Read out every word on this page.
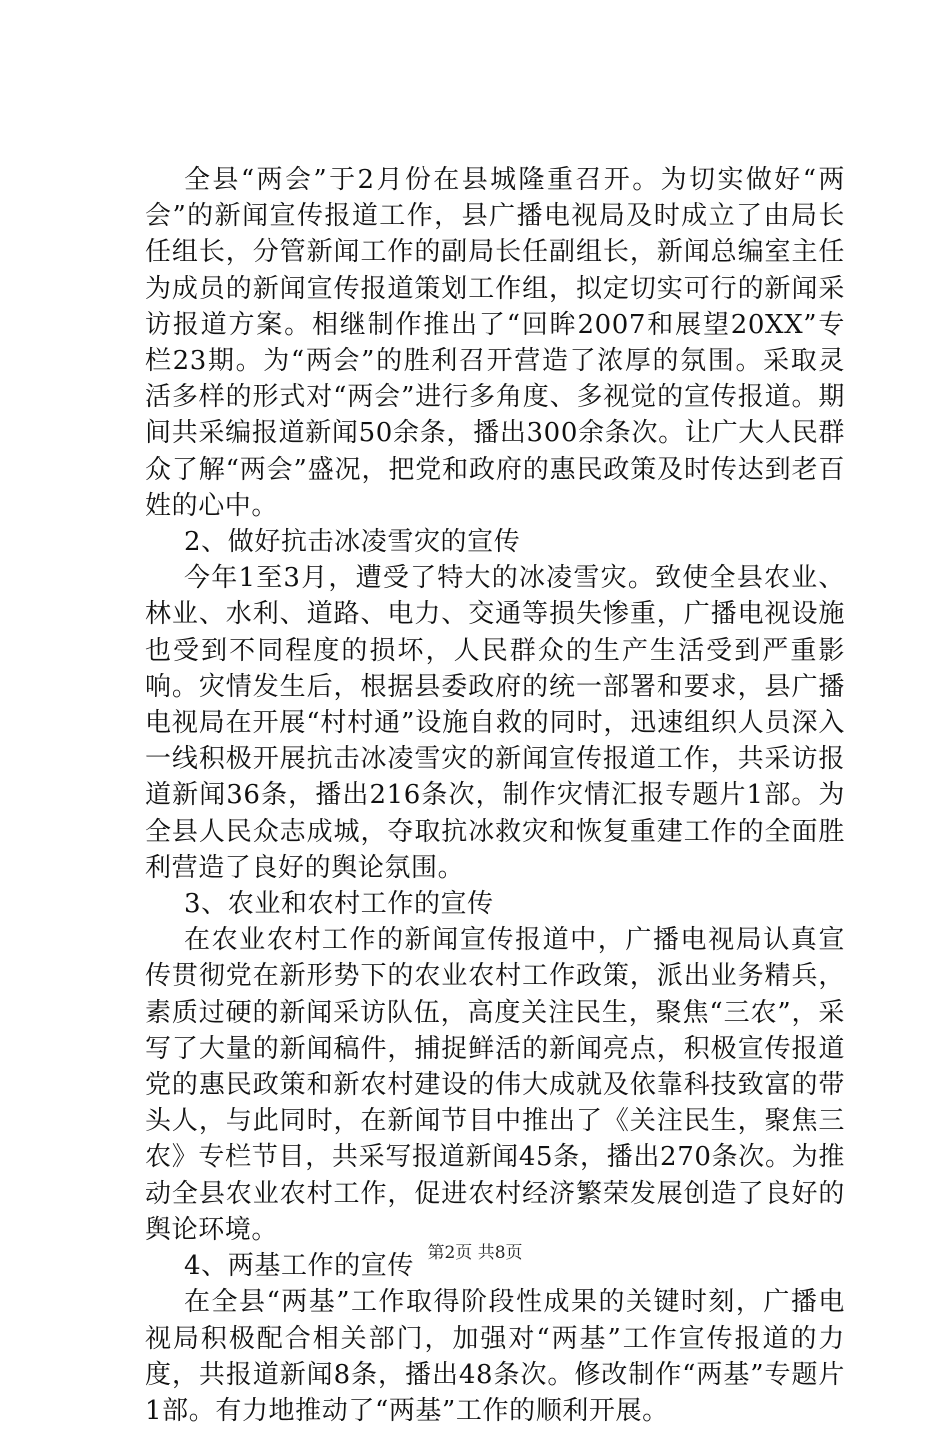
全县“两会”于2月份在县城隆重召开。为切实做好“两会”的新闻宣传报道工作，县广播电视局及时成立了由局长任组长，分管新闻工作的副局长任副组长，新闻总编室主任为成员的新闻宣传报道策划工作组，拟定切实可行的新闻采访报道方案。相继制作推出了“回眸2007和展望20XX”专栏23期。为“两会”的胜利召开营造了浓厚的氛围。采取灵活多样的形式对“两会”进行多角度、多视觉的宣传报道。期间共采编报道新闻50余条，播出300余条次。让广大人民群众了解“两会”盛况，把党和政府的惠民政策及时传达到老百姓的心中。

2、做好抗击冰凌雪灾的宣传

今年1至3月，遭受了特大的冰凌雪灾。致使全县农业、林业、水利、道路、电力、交通等损失惨重，广播电视设施也受到不同程度的损坏，人民群众的生产生活受到严重影响。灾情发生后，根据县委政府的统一部署和要求，县广播电视局在开展“村村通”设施自救的同时，迅速组织人员深入一线积极开展抗击冰凌雪灾的新闻宣传报道工作，共采访报道新闻36条，播出216条次，制作灾情汇报专题片1部。为全县人民众志成城，夺取抗冰救灾和恢复重建工作的全面胜利营造了良好的舆论氛围。

3、农业和农村工作的宣传

在农业农村工作的新闻宣传报道中，广播电视局认真宣传贯彻党在新形势下的农业农村工作政策，派出业务精兵，素质过硬的新闻采访队伍，高度关注民生，聚焦“三农”，采写了大量的新闻稿件，捕捉鲜活的新闻亮点，积极宣传报道党的惠民政策和新农村建设的伟大成就及依靠科技致富的带头人，与此同时，在新闻节目中推出了《关注民生，聚焦三农》专栏节目，共采写报道新闻45条，播出270条次。为推动全县农业农村工作，促进农村经济繁荣发展创造了良好的舆论环境。

4、两基工作的宣传

在全县“两基”工作取得阶段性成果的关键时刻，广播电视局积极配合相关部门，加强对“两基”工作宣传报道的力度，共报道新闻8条，播出48条次。修改制作“两基”专题片1部。有力地推动了“两基”工作的顺利开展。

第2页 共8页
